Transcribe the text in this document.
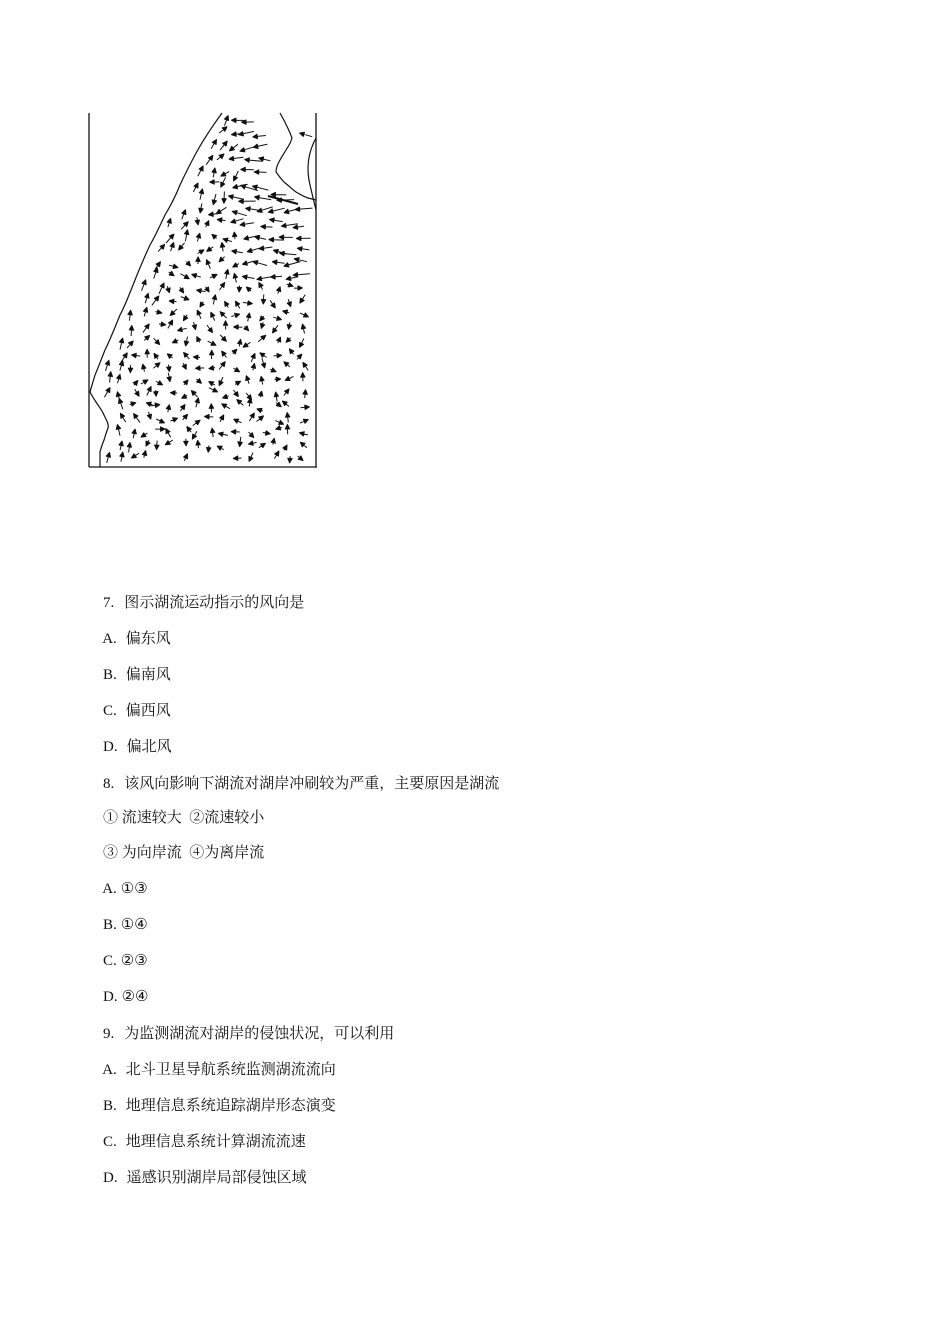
7. 图示湖流运动指示的风向是

A. 偏东风

B. 偏南风

C. 偏西风

D. 偏北风

8. 该风向影响下湖流对湖岸冲刷较为严重，主要原因是湖流

① 流速较大  ②流速较小

③ 为向岸流  ④为离岸流

A. ①③

B. ①④

C. ②③

D. ②④

9. 为监测湖流对湖岸的侵蚀状况，可以利用

A. 北斗卫星导航系统监测湖流流向

B. 地理信息系统追踪湖岸形态演变

C. 地理信息系统计算湖流流速

D. 遥感识别湖岸局部侵蚀区域
